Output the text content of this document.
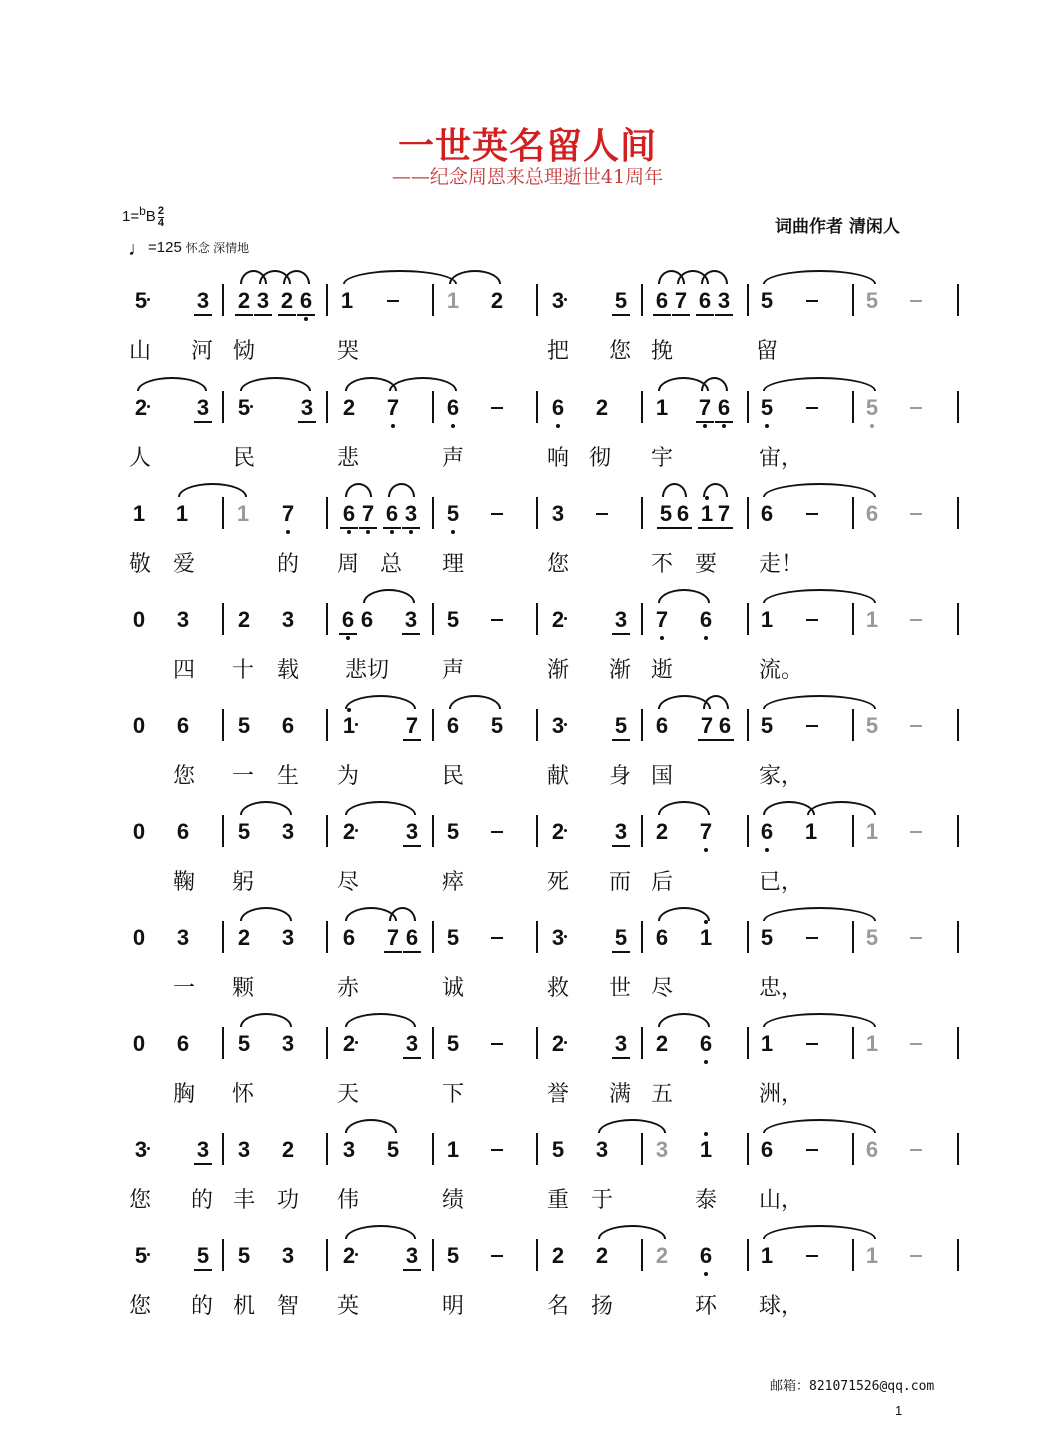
一世英名留人间
——纪念周恩来总理逝世41周年
$1=^bB \frac{2}{4}$
♩=125 怀念 深情地
词曲作者 清闲人
5 3 2 3 2 6 1	1 2 3 5 6 7 6 3 5	5
山 河 恸	哭	把 您 挽	留
2 3 5 3 2 7 6	6 2 1 7 6 5	5
人	民	悲	声	响 彻 宇	宙，
1 1 1 7 6 7 6 3 5	3	5 6 1 7 6	6
敬 爱	的 周 总 理	您	不 要 走！
0 3 2 3 6 6 3 5	2 3 7 6 1	1
四 十 载 悲切 声	渐 渐 逝	流。
0 6 5 6 1 7 6 5 3 5 6 7 6 5	5
您 一 生 为	民	献 身 国	家，
0 6 5 3 2 3 5	2 3 2 7 6 1 1
鞠 躬	尽	瘁	死 而 后	已，
0 3 2 3 6 7 6 5	3 5 6 1 5	5
一 颗	赤	诚	救 世 尽	忠，
0 6 5 3 2 3 5	2 3 2 6 1	1
胸 怀	天	下	誉 满 五	洲，
3 3 3 2 3 5 1	5 3 3 1 6	6
您 的 丰 功 伟	绩	重 于	泰 山，
5 5 5 3 2 3 5	2 2 2 6 1	1
您 的 机 智 英	明	名 扬	环 球，
邮箱：821071526@qq.com
1
